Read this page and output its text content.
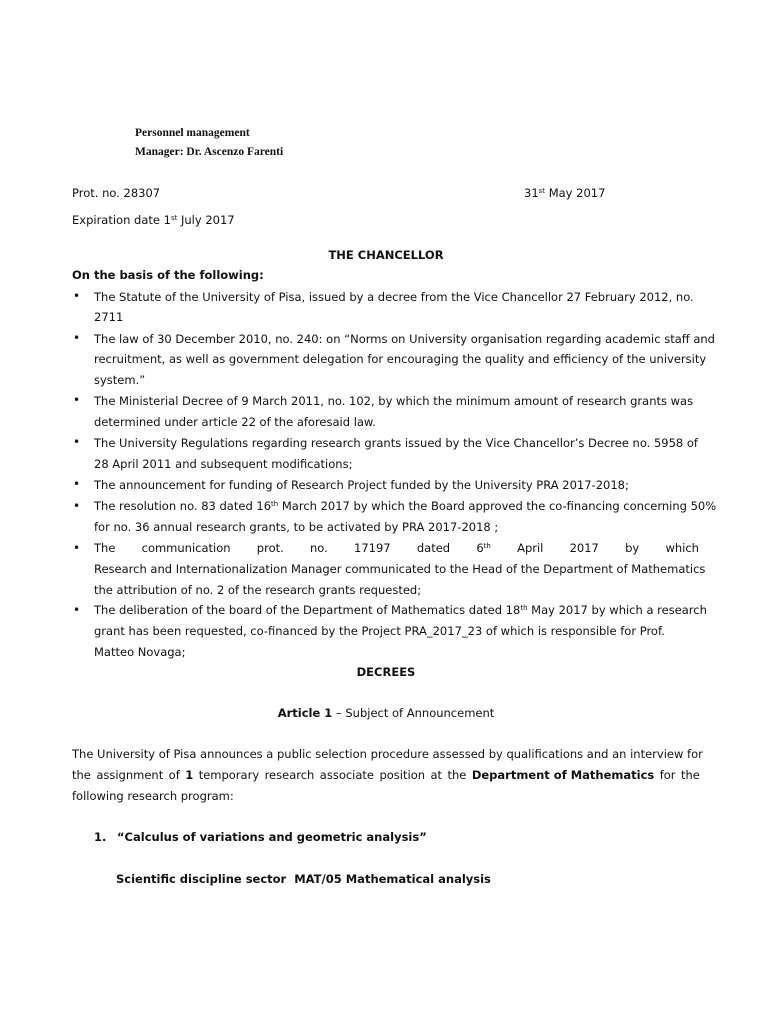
Personnel management
Manager: Dr. Ascenzo Farenti
Prot. no. 28307	31st May 2017
Expiration date 1st July 2017
THE CHANCELLOR
On the basis of the following:
• The Statute of the University of Pisa, issued by a decree from the Vice Chancellor 27 February 2012, no.
2711
• The law of 30 December 2010, no. 240: on “Norms on University organisation regarding academic staff and
recruitment, as well as government delegation for encouraging the quality and efficiency of the university
system.”
• The Ministerial Decree of 9 March 2011, no. 102, by which the minimum amount of research grants was
determined under article 22 of the aforesaid law.
• The University Regulations regarding research grants issued by the Vice Chancellor’s Decree no. 5958 of
28 April 2011 and subsequent modifications;
• The announcement for funding of Research Project funded by the University PRA 2017-2018;
• The resolution no. 83 dated 16th March 2017 by which the Board approved the co-financing concerning 50%
for no. 36 annual research grants, to be activated by PRA 2017-2018 ;
• The communication prot. no. 17197 dated 6th April 2017 by which
Research and Internationalization Manager communicated to the Head of the Department of Mathematics
the attribution of no. 2 of the research grants requested;
• The deliberation of the board of the Department of Mathematics dated 18th May 2017 by which a research
grant has been requested, co-financed by the Project PRA_2017_23 of which is responsible for Prof.
Matteo Novaga;
DECREES
Article 1 – Subject of Announcement
The University of Pisa announces a public selection procedure assessed by qualifications and an interview for
the assignment of 1 temporary research associate position at the Department of Mathematics for the
following research program:
1. “Calculus of variations and geometric analysis”
Scientific discipline sector  MAT/05 Mathematical analysis
